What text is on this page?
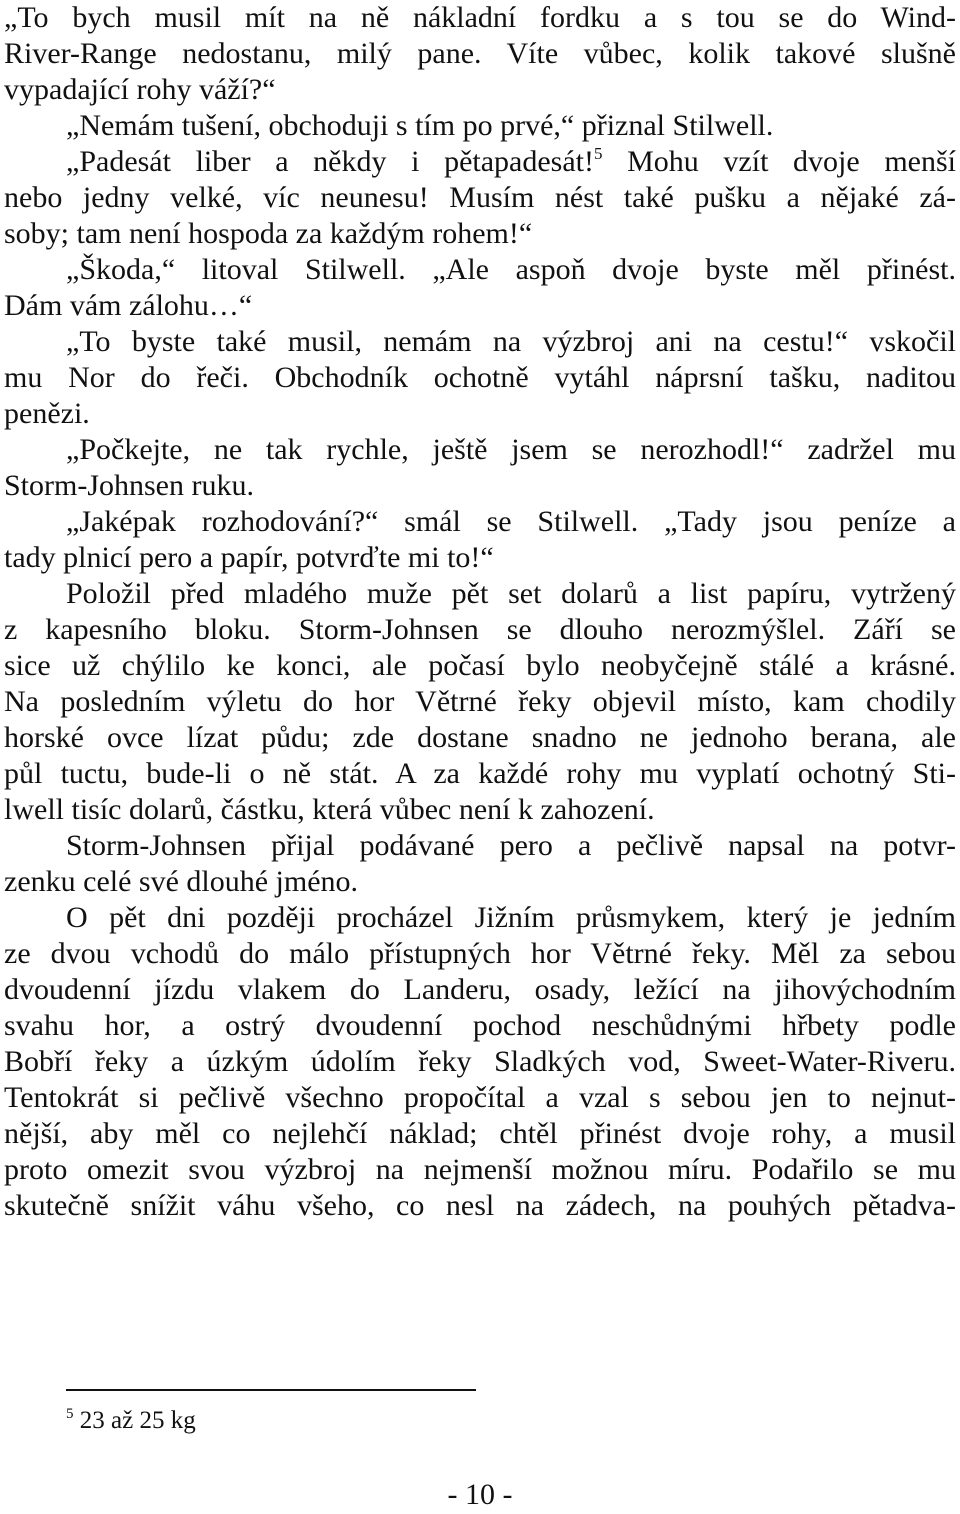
„To bych musil mít na ně nákladní fordku a s tou se do Wind-
River-Range nedostanu, milý pane. Víte vůbec, kolik takové slušně
vypadající rohy váží?“
„Nemám tušení, obchoduji s tím po prvé,“ přiznal Stilwell.
„Padesát liber a někdy i pětapadesát!$^5$ Mohu vzít dvoje menší
nebo jedny velké, víc neunesu! Musím nést také pušku a nějaké zá-
soby; tam není hospoda za každým rohem!“
„Škoda,“ litoval Stilwell. „Ale aspoň dvoje byste měl přinést.
Dám vám zálohu…“
„To byste také musil, nemám na výzbroj ani na cestu!“ vskočil
mu Nor do řeči. Obchodník ochotně vytáhl náprsní tašku, naditou
penězi.
„Počkejte, ne tak rychle, ještě jsem se nerozhodl!“ zadržel mu
Storm-Johnsen ruku.
„Jaképak rozhodování?“ smál se Stilwell. „Tady jsou peníze a
tady plnicí pero a papír, potvrďte mi to!“
Položil před mladého muže pět set dolarů a list papíru, vytržený
z kapesního bloku. Storm-Johnsen se dlouho nerozmýšlel. Září se
sice už chýlilo ke konci, ale počasí bylo neobyčejně stálé a krásné.
Na posledním výletu do hor Větrné řeky objevil místo, kam chodily
horské ovce lízat půdu; zde dostane snadno ne jednoho berana, ale
půl tuctu, bude-li o ně stát. A za každé rohy mu vyplatí ochotný Sti-
lwell tisíc dolarů, částku, která vůbec není k zahození.
Storm-Johnsen přijal podávané pero a pečlivě napsal na potvr-
zenku celé své dlouhé jméno.
O pět dni později procházel Jižním průsmykem, který je jedním
ze dvou vchodů do málo přístupných hor Větrné řeky. Měl za sebou
dvoudenní jízdu vlakem do Landeru, osady, ležící na jihovýchodním
svahu hor, a ostrý dvoudenní pochod neschůdnými hřbety podle
Bobří řeky a úzkým údolím řeky Sladkých vod, Sweet-Water-Riveru.
Tentokrát si pečlivě všechno propočítal a vzal s sebou jen to nejnut-
nější, aby měl co nejlehčí náklad; chtěl přinést dvoje rohy, a musil
proto omezit svou výzbroj na nejmenší možnou míru. Podařilo se mu
skutečně snížit váhu všeho, co nesl na zádech, na pouhých pětadva-
$^5$ 23 až 25 kg
- 10 -
